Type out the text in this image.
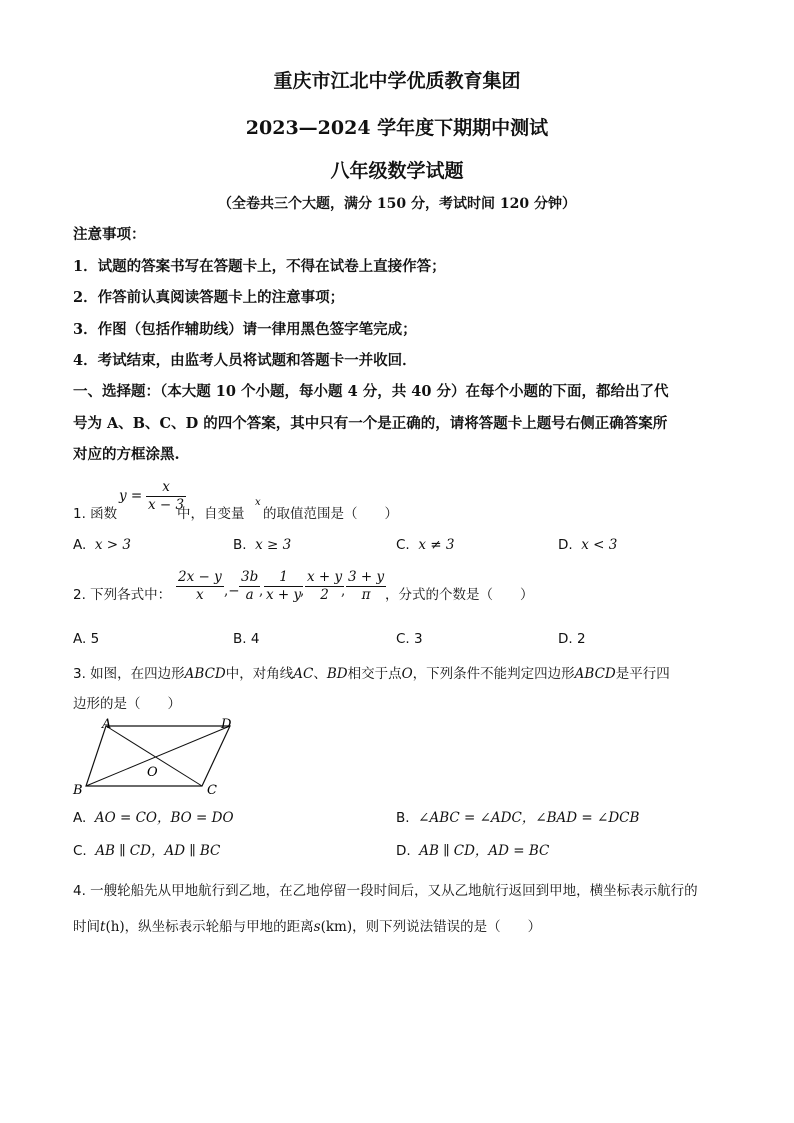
重庆市江北中学优质教育集团
2023—2024 学年度下期期中测试
八年级数学试题
（全卷共三个大题，满分 150 分，考试时间 120 分钟）
注意事项：
1．试题的答案书写在答题卡上，不得在试卷上直接作答；
2．作答前认真阅读答题卡上的注意事项；
3．作图（包括作辅助线）请一律用黑色签字笔完成；
4．考试结束，由监考人员将试题和答题卡一并收回．
一、选择题：（本大题 10 个小题，每小题 4 分，共 40 分）在每个小题的下面，都给出了代
号为 A、B、C、D 的四个答案，其中只有一个是正确的，请将答题卡上题号右侧正确答案所
对应的方框涂黑.
1. 函数
$y = \frac{x}{x - 3}$
中，自变量
x
的取值范围是（　　）
A. x > 3	B. x ≥ 3	C. x ≠ 3	D. x < 3
2. 下列各式中： $\frac{2x - y}{x}$ ,− $\frac{3b}{a}$
, $\frac{1}{x + y}$
, $\frac{x + y}{2}$
, $\frac{3 + y}{\pi}$
，分式的个数是（　　）
A. 5	B. 4	C. 3	D. 2
3. 如图，在四边形ABCD中，对角线AC、BD相交于点O，下列条件不能判定四边形ABCD是平行四
边形的是（　　）
A	D
B	C
O
A. AO = CO，BO = DO	B. ∠ABC = ∠ADC，∠BAD = ∠DCB
C. AB ∥ CD，AD ∥ BC	D. AB ∥ CD，AD = BC
4. 一艘轮船先从甲地航行到乙地，在乙地停留一段时间后，又从乙地航行返回到甲地，横坐标表示航行的
时间t(h)，纵坐标表示轮船与甲地的距离s(km)，则下列说法错误的是（　　）
